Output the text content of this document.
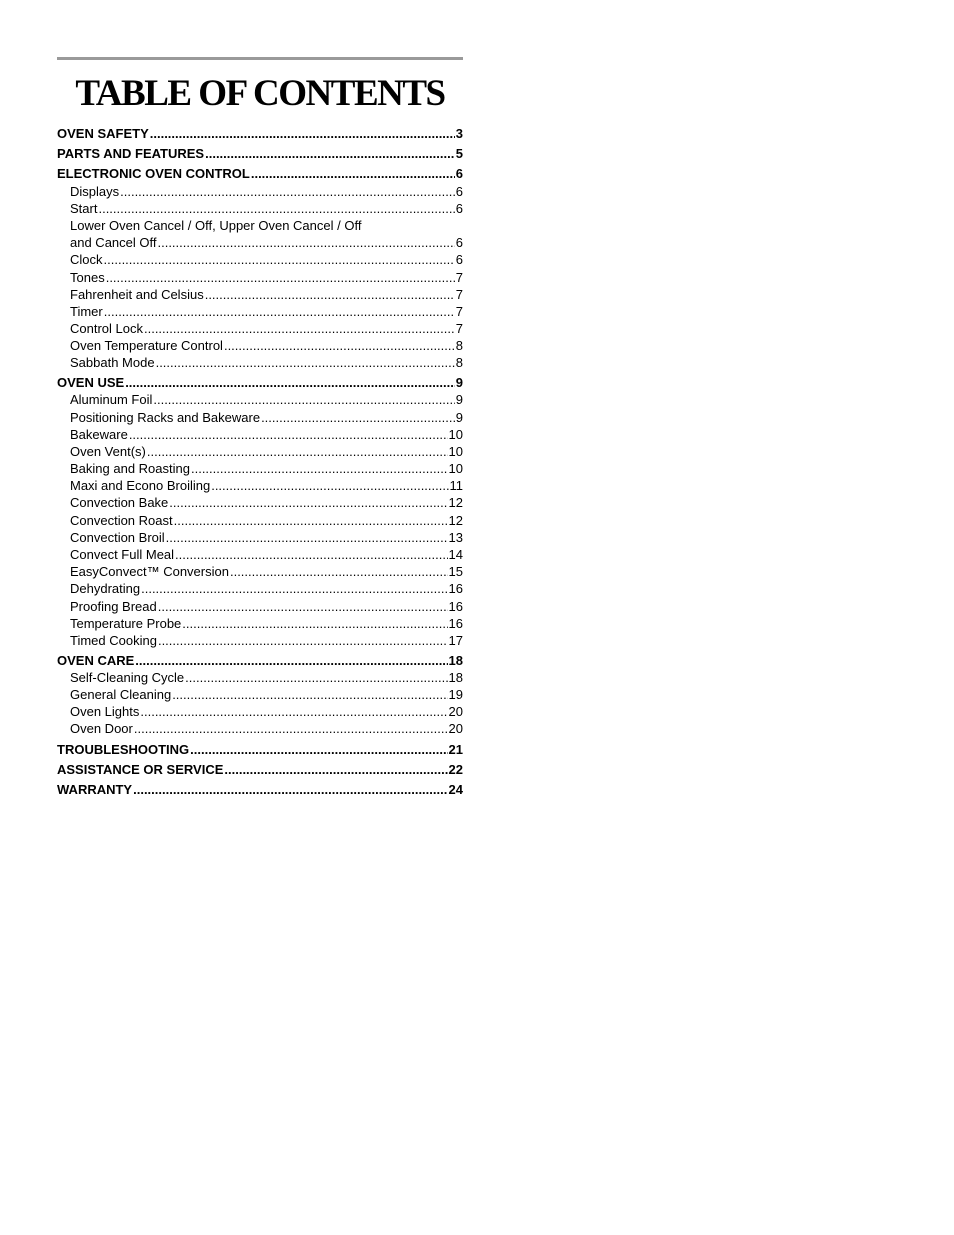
TABLE OF CONTENTS
OVEN SAFETY .....	3
PARTS AND FEATURES .....	5
ELECTRONIC OVEN CONTROL .....	6
Displays .....	6
Start .....	6
Lower Oven Cancel / Off, Upper Oven Cancel / Off
and Cancel Off .....	6
Clock .....	6
Tones .....	7
Fahrenheit and Celsius .....	7
Timer .....	7
Control Lock .....	7
Oven Temperature Control .....	8
Sabbath Mode .....	8
OVEN USE .....	9
Aluminum Foil .....	9
Positioning Racks and Bakeware .....	9
Bakeware .....	10
Oven Vent(s) .....	10
Baking and Roasting .....	10
Maxi and Econo Broiling .....	11
Convection Bake .....	12
Convection Roast .....	12
Convection Broil .....	13
Convect Full Meal .....	14
EasyConvect™ Conversion .....	15
Dehydrating .....	16
Proofing Bread .....	16
Temperature Probe .....	16
Timed Cooking .....	17
OVEN CARE .....	18
Self-Cleaning Cycle .....	18
General Cleaning .....	19
Oven Lights .....	20
Oven Door .....	20
TROUBLESHOOTING .....	21
ASSISTANCE OR SERVICE .....	22
WARRANTY .....	24
